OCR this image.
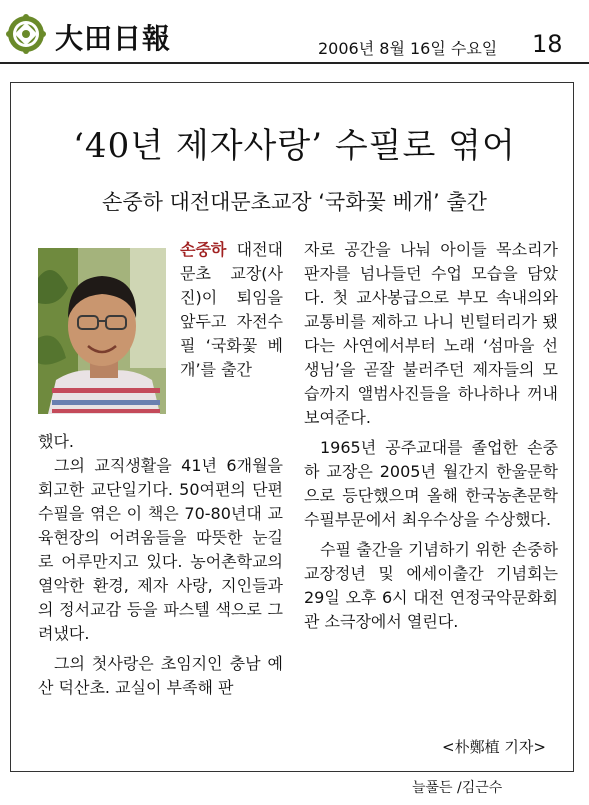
大田日報	2006년 8월 16일 수요일 18
‘40년 제자사랑’ 수필로 엮어
손중하 대전대문초교장 ‘국화꽃 베개’ 출간
손중하 대전대문초 교장(사진)이 퇴임을 앞두고 자전수필 ‘국화꽃 베개’를 출간

했다.

그의 교직생활을 41년 6개월을 회고한 교단일기다. 50여편의 단편수필을 엮은 이 책은 70-80년대 교육현장의 어려움들을 따뜻한 눈길로 어루만지고 있다. 농어촌학교의 열악한 환경, 제자 사랑, 지인들과의 정서교감 등을 파스텔 색으로 그려냈다.

그의 첫사랑은 초임지인 충남 예산 덕산초. 교실이 부족해 판

자로 공간을 나눠 아이들 목소리가 판자를 넘나들던 수업 모습을 담았다. 첫 교사봉급으로 부모 속내의와 교통비를 제하고 나니 빈털터리가 됐다는 사연에서부터 노래 ‘섬마을 선생님’을 곧잘 불러주던 제자들의 모습까지 앨범사진들을 하나하나 꺼내 보여준다.

1965년 공주교대를 졸업한 손중하 교장은 2005년 월간지 한울문학으로 등단했으며 올해 한국농촌문학 수필부문에서 최우수상을 수상했다.

수필 출간을 기념하기 위한 손중하 교장정년 및 에세이출간 기념회는 29일 오후 6시 대전 연정국악문화회관 소극장에서 열린다.

<朴鄭植 기자>
늘풀든 /김근수
